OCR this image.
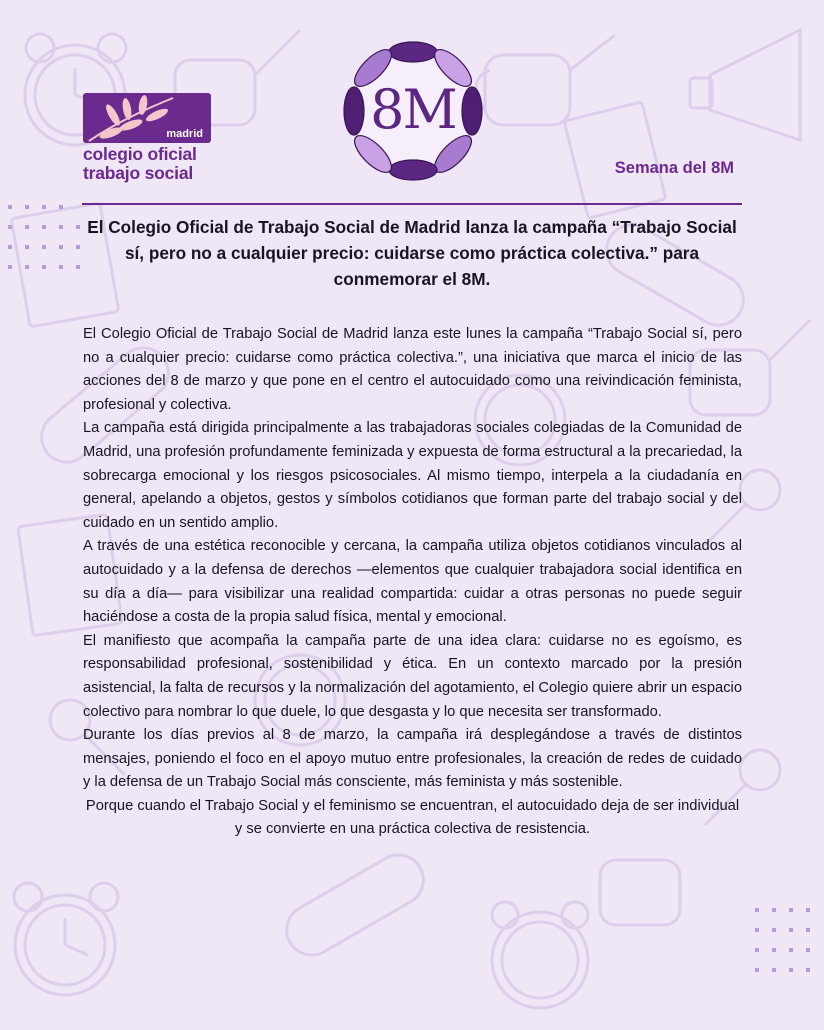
madrid
colegio oficial
trabajo social
8M
Semana del 8M
El Colegio Oficial de Trabajo Social de Madrid lanza la campaña “Trabajo Social sí, pero no a cualquier precio: cuidarse como práctica colectiva.” para conmemorar el 8M.

El Colegio Oficial de Trabajo Social de Madrid lanza este lunes la campaña “Trabajo Social sí, pero no a cualquier precio: cuidarse como práctica colectiva.”, una iniciativa que marca el inicio de las acciones del 8 de marzo y que pone en el centro el autocuidado como una reivindicación feminista, profesional y colectiva.

La campaña está dirigida principalmente a las trabajadoras sociales colegiadas de la Comunidad de Madrid, una profesión profundamente feminizada y expuesta de forma estructural a la precariedad, la sobrecarga emocional y los riesgos psicosociales. Al mismo tiempo, interpela a la ciudadanía en general, apelando a objetos, gestos y símbolos cotidianos que forman parte del trabajo social y del cuidado en un sentido amplio.

A través de una estética reconocible y cercana, la campaña utiliza objetos cotidianos vinculados al autocuidado y a la defensa de derechos —elementos que cualquier trabajadora social identifica en su día a día— para visibilizar una realidad compartida: cuidar a otras personas no puede seguir haciéndose a costa de la propia salud física, mental y emocional.

El manifiesto que acompaña la campaña parte de una idea clara: cuidarse no es egoísmo, es responsabilidad profesional, sostenibilidad y ética. En un contexto marcado por la presión asistencial, la falta de recursos y la normalización del agotamiento, el Colegio quiere abrir un espacio colectivo para nombrar lo que duele, lo que desgasta y lo que necesita ser transformado.

Durante los días previos al 8 de marzo, la campaña irá desplegándose a través de distintos mensajes, poniendo el foco en el apoyo mutuo entre profesionales, la creación de redes de cuidado y la defensa de un Trabajo Social más consciente, más feminista y más sostenible.

Porque cuando el Trabajo Social y el feminismo se encuentran, el autocuidado deja de ser individual y se convierte en una práctica colectiva de resistencia.
